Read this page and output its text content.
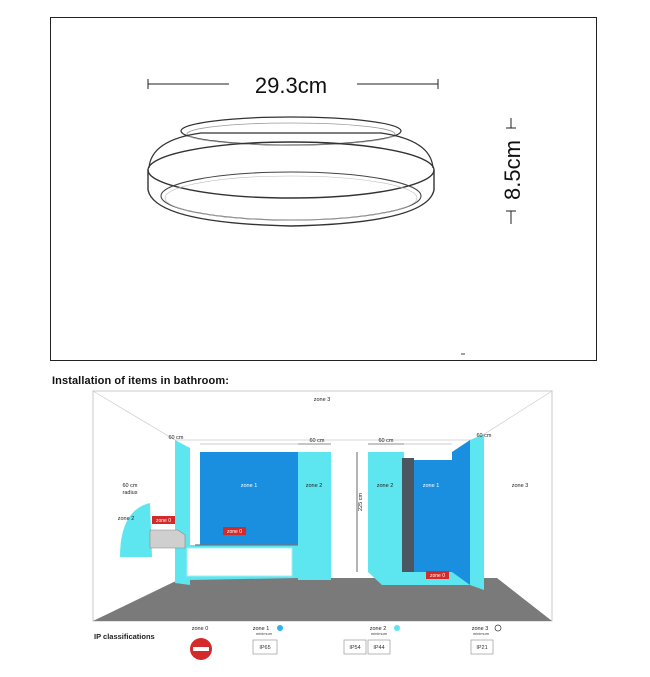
29.3cm
8.5cm
Installation of items in bathroom:
zone 3
zone 3
zone 2
zone 2	zone 2
zone 1	zone 1
zone 0
zone 0
zone 0
60 cm	60 cm	60 cm
60 cm
60 cm
radius	225 cm
IP classifications
zone 0	zone 1
minimum
IP65
zone 2
minimum
IP54 IP44
zone 3
minimum
IP21
